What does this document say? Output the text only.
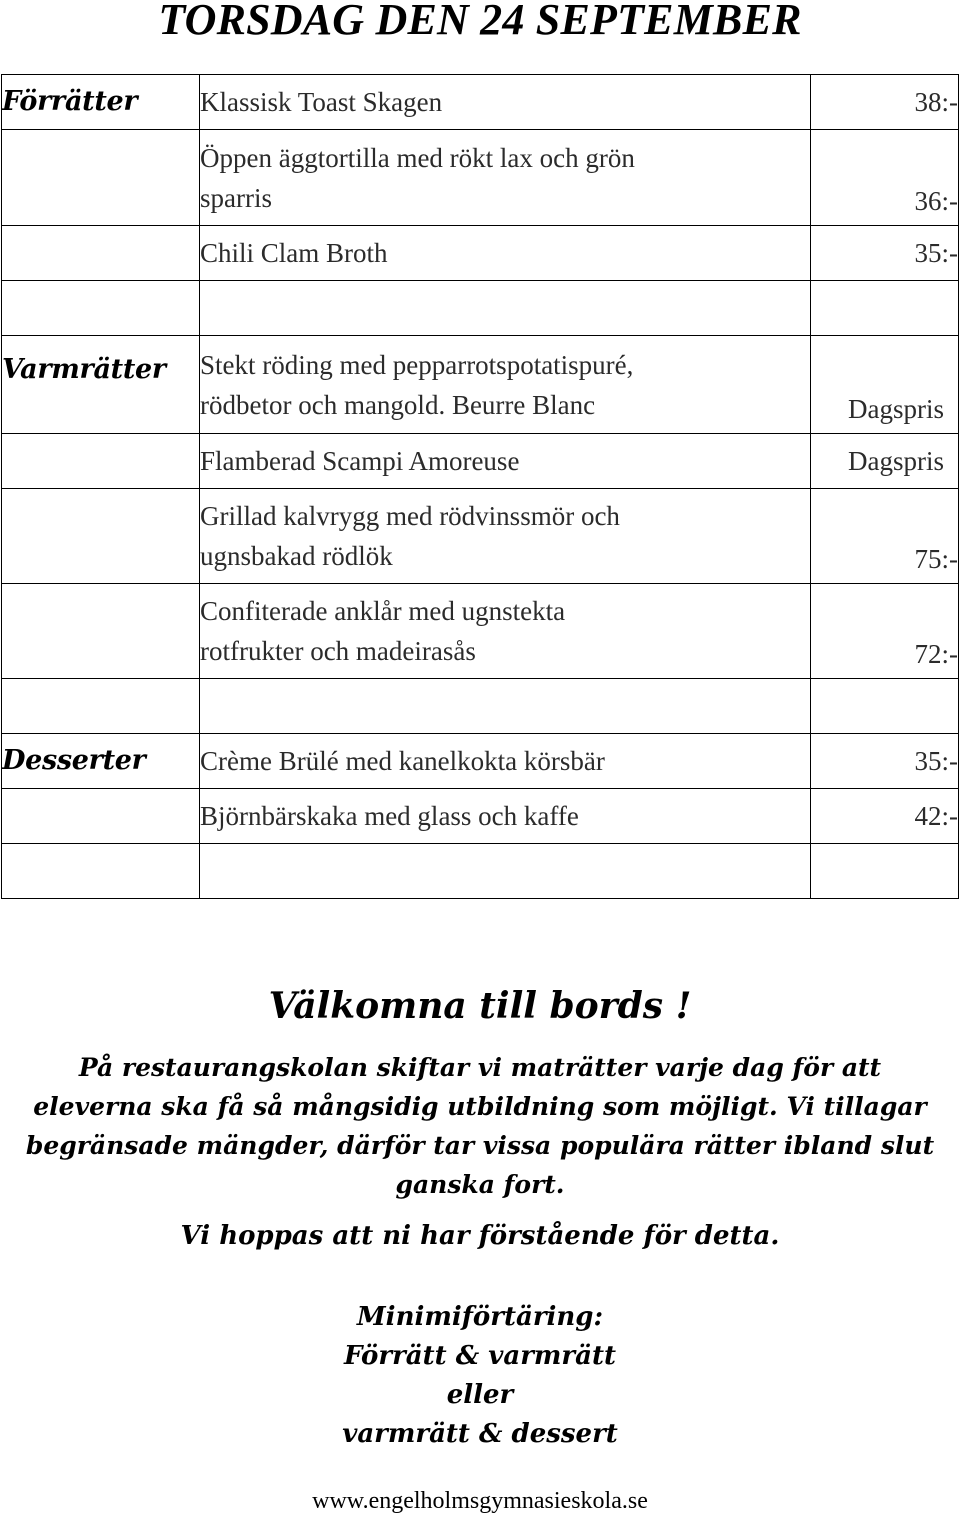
TORSDAG DEN 24 SEPTEMBER
Förrätter	Klassisk Toast Skagen	38:-

	Öppen äggtortilla med rökt lax och grön
sparris	36:-
	Chili Clam Broth	35:-

Varmrätter	Stekt röding med pepparrotspotatispuré,
rödbetor och mangold. Beurre Blanc	Dagspris
	Flamberad Scampi Amoreuse	Dagspris

	Grillad kalvrygg med rödvinssmör och
ugnsbakad rödlök	75:-

	Confiterade anklår med ugnstekta
rotfrukter och madeirasås	72:-

Desserter	Crème Brülé med kanelkokta körsbär	35:-
	Björnbärskaka med glass och kaffe	42:-

Välkomna till bords !
På restaurangskolan skiftar vi maträtter varje dag för att
eleverna ska få så mångsidig utbildning som möjligt. Vi tillagar
begränsade mängder, därför tar vissa populära rätter ibland slut
ganska fort.
Vi hoppas att ni har förstående för detta.
Minimiförtäring:
Förrätt & varmrätt
eller
varmrätt & dessert
www.engelholmsgymnasieskola.se
